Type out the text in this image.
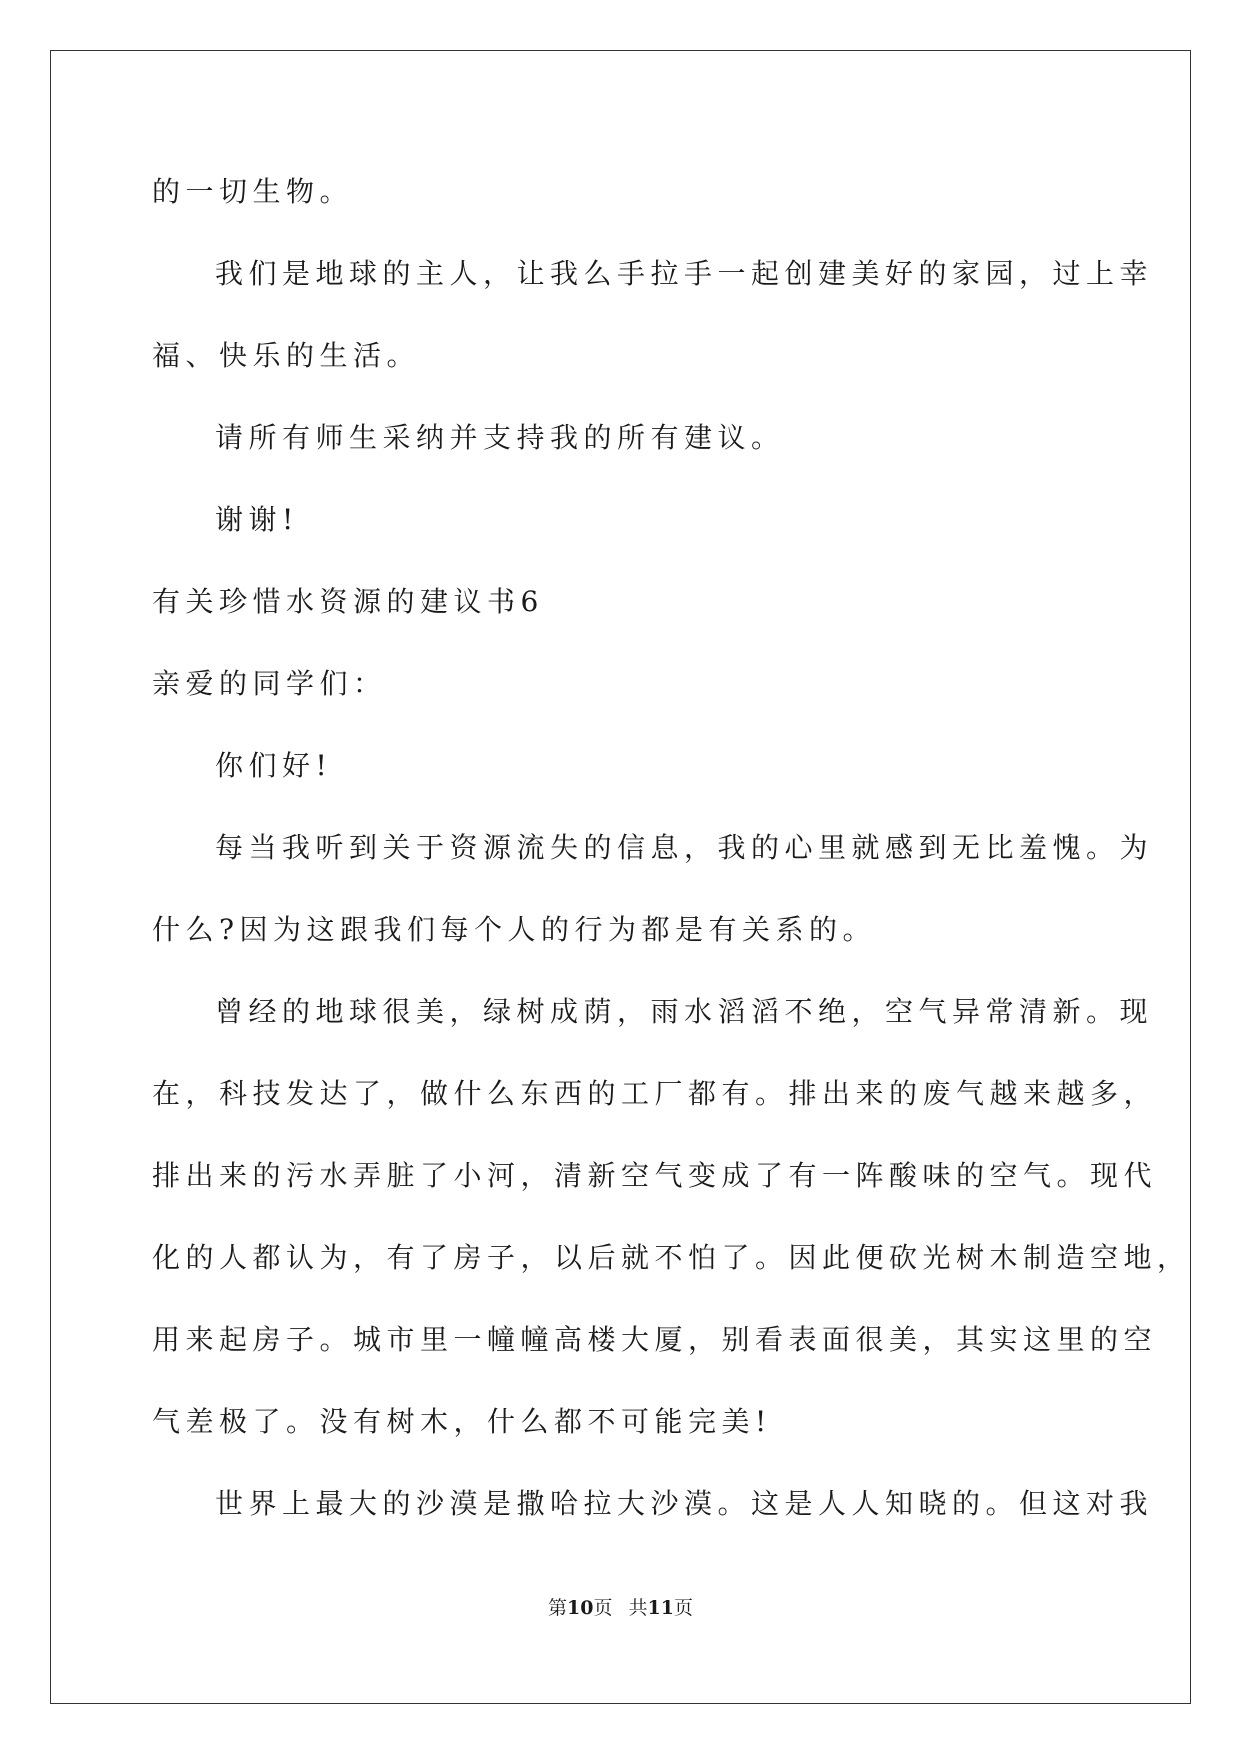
的一切生物。
我们是地球的主人，让我么手拉手一起创建美好的家园，过上幸
福、快乐的生活。
请所有师生采纳并支持我的所有建议。
谢谢!
有关珍惜水资源的建议书6
亲爱的同学们：
你们好!
每当我听到关于资源流失的信息，我的心里就感到无比羞愧。为
什么?因为这跟我们每个人的行为都是有关系的。
曾经的地球很美，绿树成荫，雨水滔滔不绝，空气异常清新。现
在，科技发达了，做什么东西的工厂都有。排出来的废气越来越多，
排出来的污水弄脏了小河，清新空气变成了有一阵酸味的空气。现代
化的人都认为，有了房子，以后就不怕了。因此便砍光树木制造空地，
用来起房子。城市里一幢幢高楼大厦，别看表面很美，其实这里的空
气差极了。没有树木，什么都不可能完美!
世界上最大的沙漠是撒哈拉大沙漠。这是人人知晓的。但这对我
第10页 共11页
